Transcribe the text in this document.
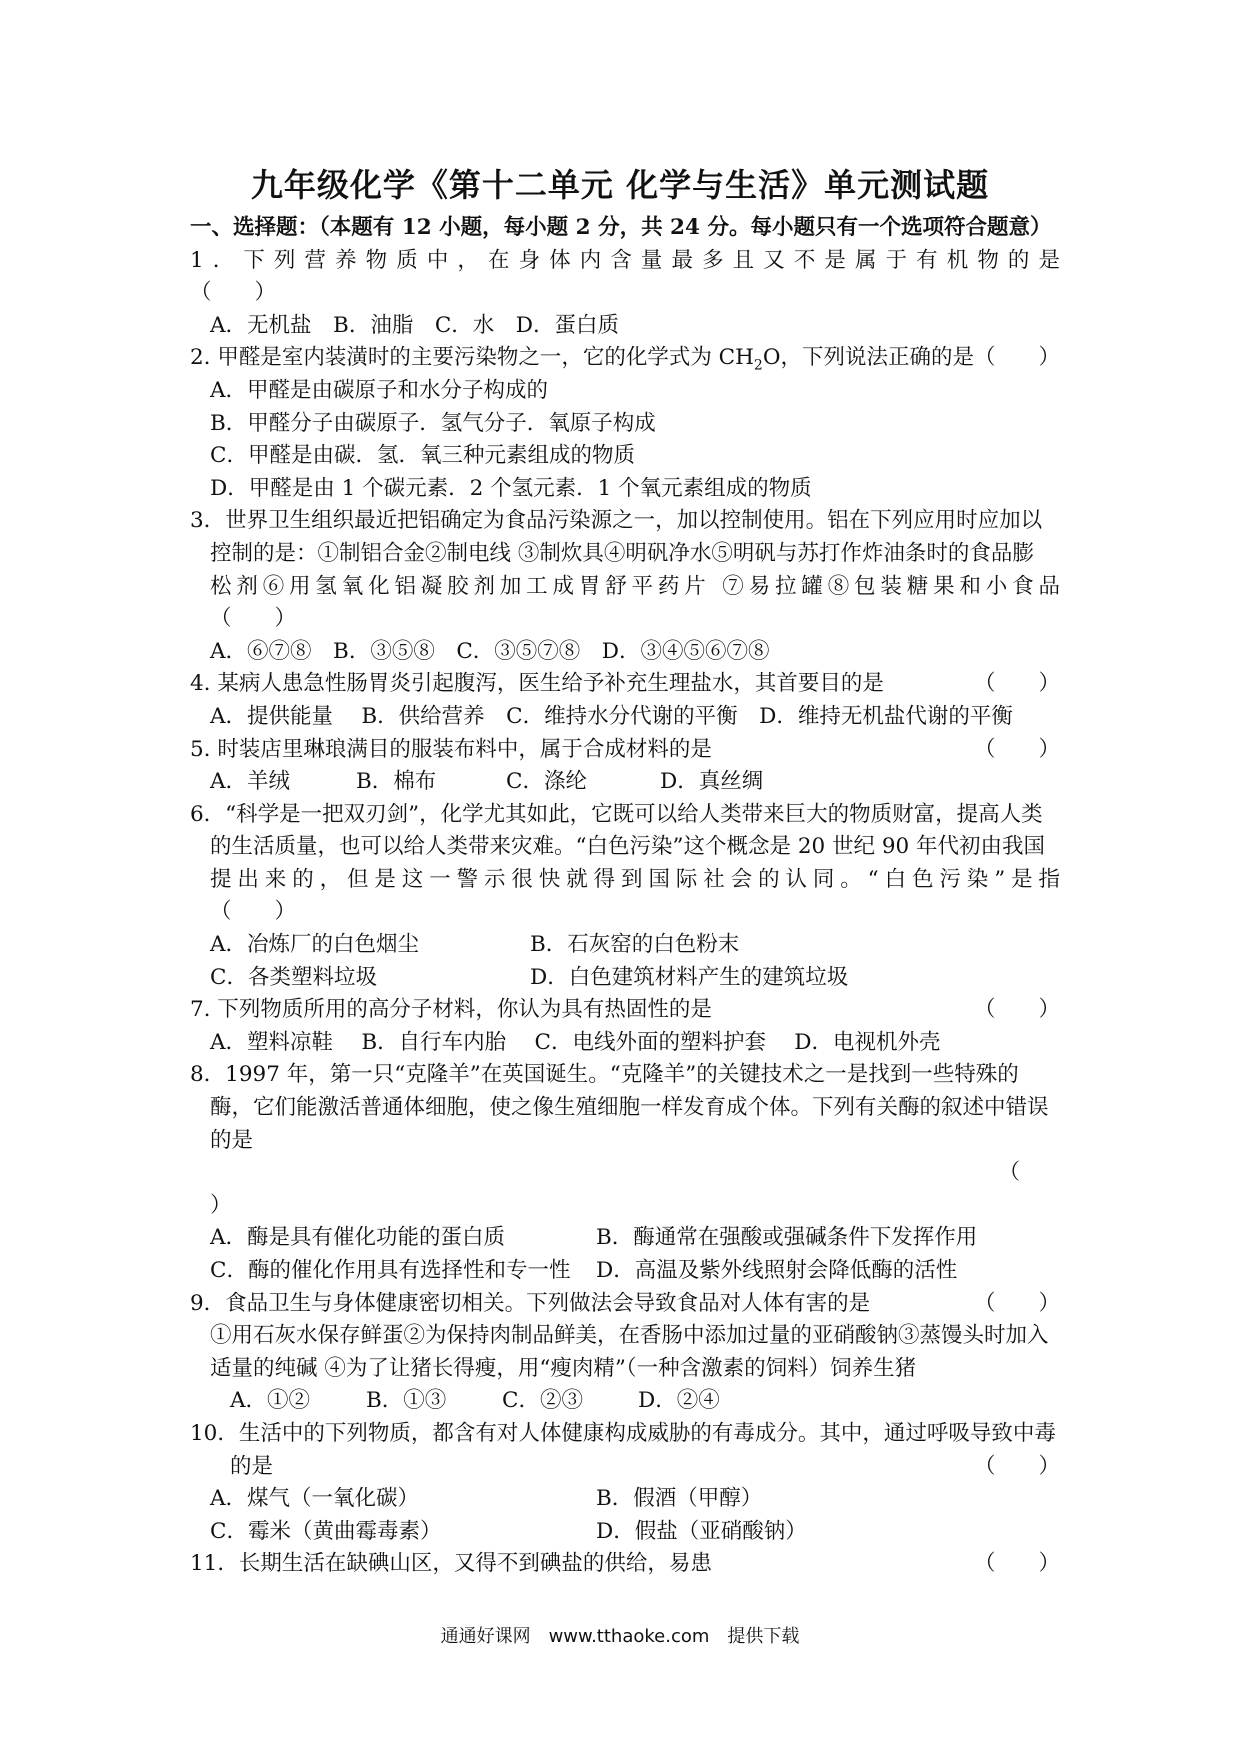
九年级化学《第十二单元 化学与生活》单元测试题
一、选择题：（本题有 12 小题，每小题 2 分，共 24 分。每小题只有一个选项符合题意）
1．下列营养物质中，在身体内含量最多且又不是属于有机物的是
（　　）
A．无机盐　B．油脂　C．水　D．蛋白质
2. 甲醛是室内装潢时的主要污染物之一，它的化学式为 $CH_2O$，下列说法正确的是 （　　）
A．甲醛是由碳原子和水分子构成的
B．甲醛分子由碳原子．氢气分子．氧原子构成
C．甲醛是由碳．氢．氧三种元素组成的物质
D．甲醛是由 1 个碳元素．2 个氢元素．1 个氧元素组成的物质
3．世界卫生组织最近把铝确定为食品污染源之一，加以控制使用。铝在下列应用时应加以
控制的是：①制铝合金②制电线 ③制炊具④明矾净水⑤明矾与苏打作炸油条时的食品膨
松剂⑥用氢氧化铝凝胶剂加工成胃舒平药片 ⑦易拉罐⑧包装糖果和小食品
（　　）
A．⑥⑦⑧　B．③⑤⑧　C．③⑤⑦⑧　D．③④⑤⑥⑦⑧
4. 某病人患急性肠胃炎引起腹泻，医生给予补充生理盐水，其首要目的是	（　　）
A．提供能量　 B．供给营养　C．维持水分代谢的平衡　D．维持无机盐代谢的平衡
5. 时装店里琳琅满目的服装布料中，属于合成材料的是	（　　）
A．羊绒	B．棉布	C．涤纶	D．真丝绸
6．“科学是一把双刃剑”，化学尤其如此，它既可以给人类带来巨大的物质财富，提高人类
的生活质量，也可以给人类带来灾难。“白色污染”这个概念是 20 世纪 90 年代初由我国
提出来的，但是这一警示很快就得到国际社会的认同。“白色污染”是指
（　　）
A．冶炼厂的白色烟尘	B．石灰窑的白色粉末
C．各类塑料垃圾	D．白色建筑材料产生的建筑垃圾
7. 下列物质所用的高分子材料，你认为具有热固性的是	（　　）
A．塑料凉鞋　 B．自行车内胎　 C．电线外面的塑料护套　 D．电视机外壳
8．1997 年，第一只“克隆羊”在英国诞生。“克隆羊”的关键技术之一是找到一些特殊的
酶，它们能激活普通体细胞，使之像生殖细胞一样发育成个体。下列有关酶的叙述中错误
的是
（
）
A．酶是具有催化功能的蛋白质	B．酶通常在强酸或强碱条件下发挥作用
C．酶的催化作用具有选择性和专一性	D．高温及紫外线照射会降低酶的活性
9．食品卫生与身体健康密切相关。下列做法会导致食品对人体有害的是	（　　）
①用石灰水保存鲜蛋②为保持肉制品鲜美，在香肠中添加过量的亚硝酸钠③蒸馒头时加入
适量的纯碱 ④为了让猪长得瘦，用“瘦肉精”（一种含激素的饲料）饲养生猪
A．①②	B．①③	C．②③	D．②④
10．生活中的下列物质，都含有对人体健康构成威胁的有毒成分。其中，通过呼吸导致中毒
的是	（　　）
A．煤气（一氧化碳）	B．假酒（甲醇）
C．霉米（黄曲霉毒素）	D．假盐（亚硝酸钠）
11．长期生活在缺碘山区，又得不到碘盐的供给，易患	（　　）
通通好课网　www.tthaoke.com　提供下载
